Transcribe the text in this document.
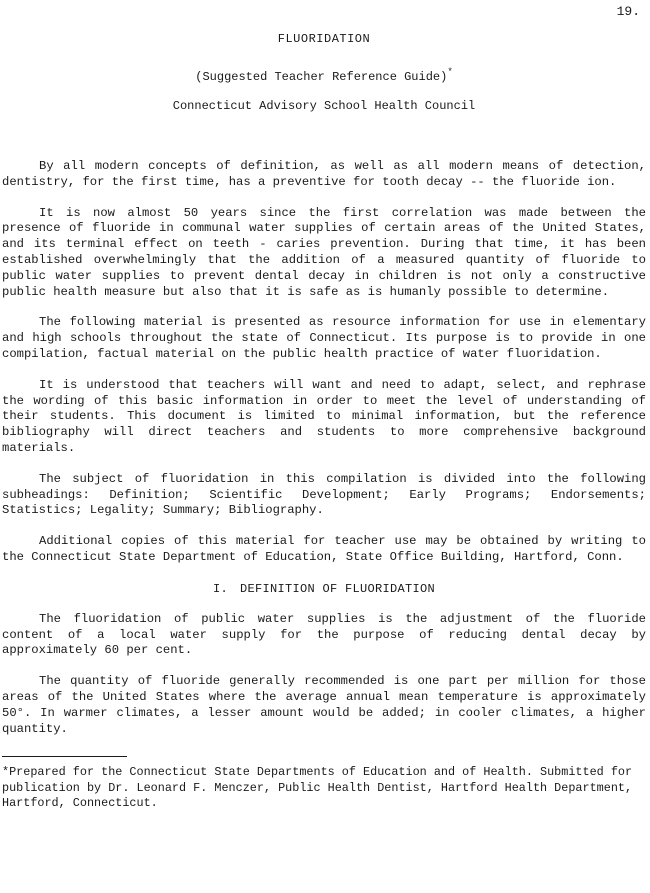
19.
FLUORIDATION
(Suggested Teacher Reference Guide)*
Connecticut Advisory School Health Council

By all modern concepts of definition, as well as all modern means of detection, dentistry, for the first time, has a preventive for tooth decay -- the fluoride ion.

It is now almost 50 years since the first correlation was made between the presence of fluoride in communal water supplies of certain areas of the United States, and its terminal effect on teeth - caries prevention. During that time, it has been established overwhelmingly that the addition of a measured quantity of fluoride to public water supplies to prevent dental decay in children is not only a constructive public health measure but also that it is safe as is humanly possible to determine.

The following material is presented as resource information for use in elementary and high schools throughout the state of Connecticut. Its purpose is to provide in one compilation, factual material on the public health practice of water fluoridation.

It is understood that teachers will want and need to adapt, select, and rephrase the wording of this basic information in order to meet the level of understanding of their students. This document is limited to minimal information, but the reference bibliography will direct teachers and students to more comprehensive background materials.

The subject of fluoridation in this compilation is divided into the following subheadings: Definition; Scientific Development; Early Programs; Endorsements; Statistics; Legality; Summary; Bibliography.

Additional copies of this material for teacher use may be obtained by writing to the Connecticut State Department of Education, State Office Building, Hartford, Conn.

I. DEFINITION OF FLUORIDATION

The fluoridation of public water supplies is the adjustment of the fluoride content of a local water supply for the purpose of reducing dental decay by approximately 60 per cent.

The quantity of fluoride generally recommended is one part per million for those areas of the United States where the average annual mean temperature is approximately 50°. In warmer climates, a lesser amount would be added; in cooler climates, a higher quantity.

*Prepared for the Connecticut State Departments of Education and of Health. Submitted for publication by Dr. Leonard F. Menczer, Public Health Dentist, Hartford Health Department, Hartford, Connecticut.
